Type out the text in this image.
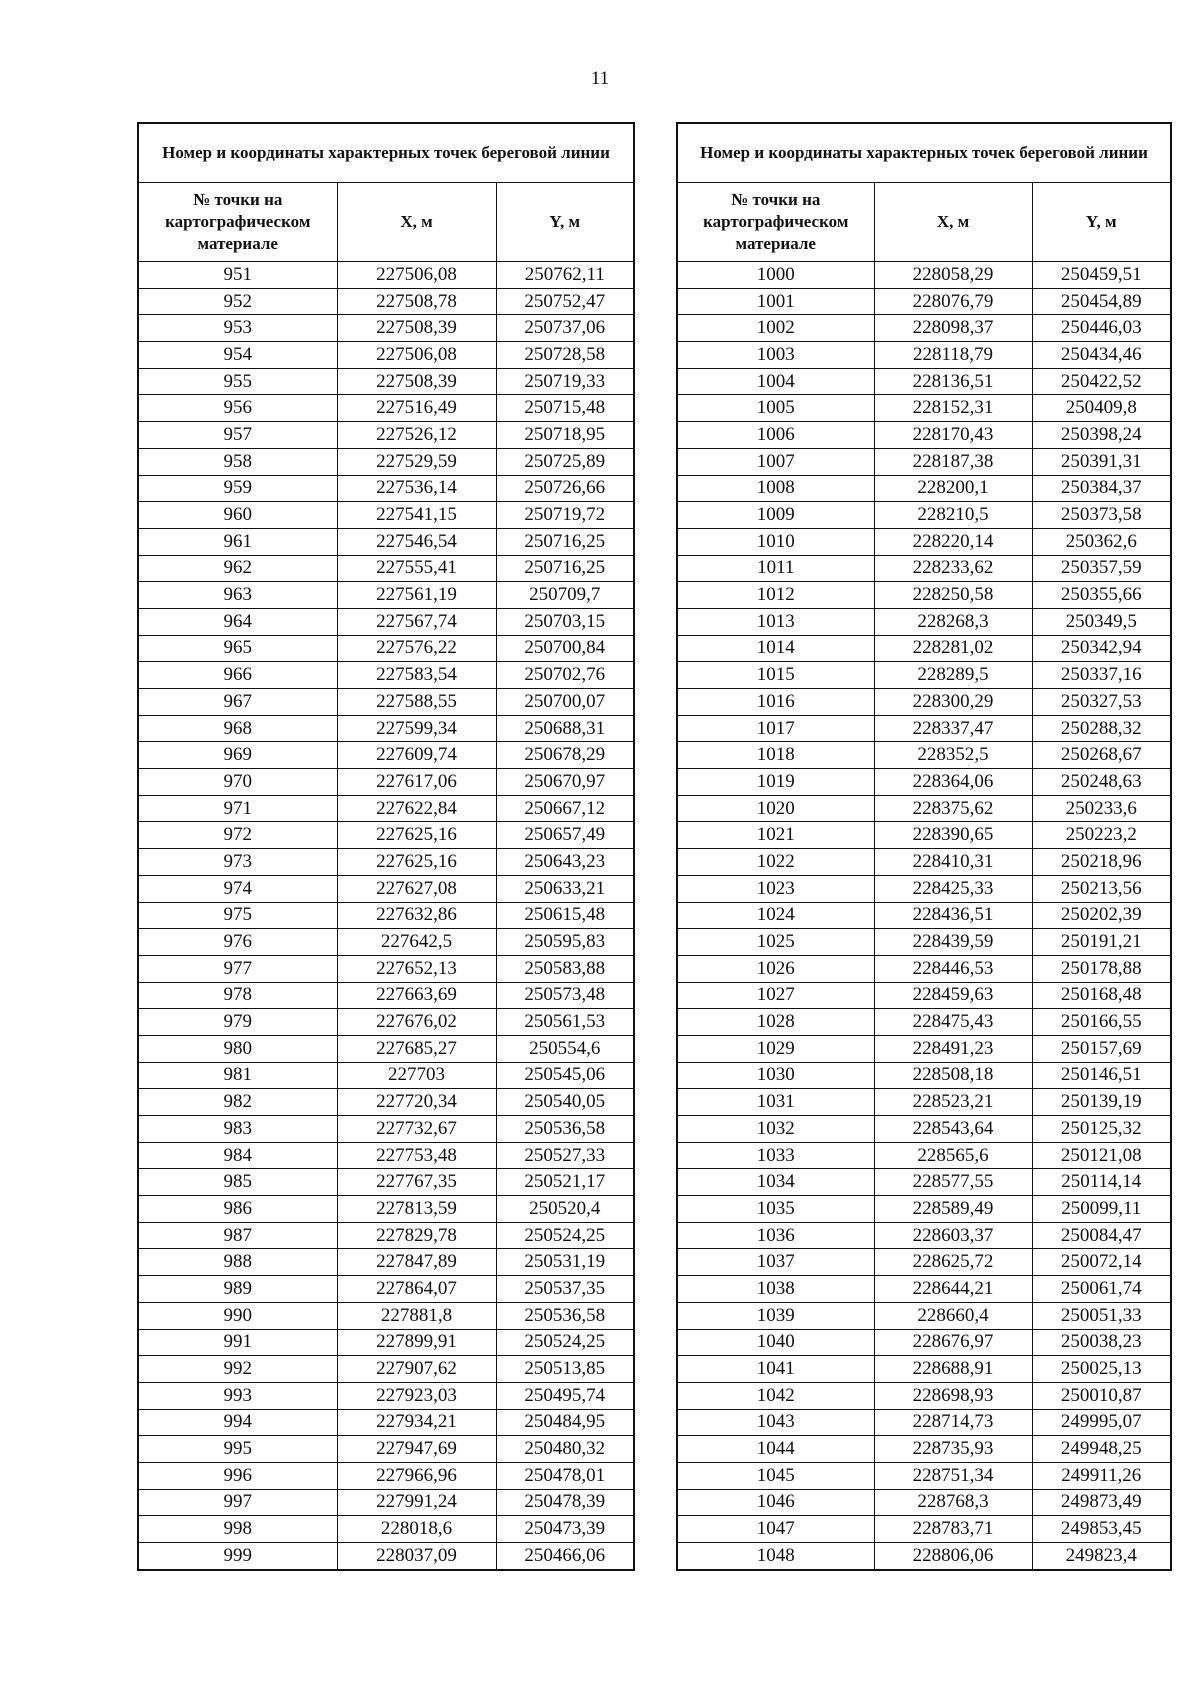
11
Номер и координаты характерных точек береговой линии		
№ точки на картографическом материале	X, м	Y, м
951	227506,08	250762,11
952	227508,78	250752,47
953	227508,39	250737,06
954	227506,08	250728,58
955	227508,39	250719,33
956	227516,49	250715,48
957	227526,12	250718,95
958	227529,59	250725,89
959	227536,14	250726,66
960	227541,15	250719,72
961	227546,54	250716,25
962	227555,41	250716,25
963	227561,19	250709,7
964	227567,74	250703,15
965	227576,22	250700,84
966	227583,54	250702,76
967	227588,55	250700,07
968	227599,34	250688,31
969	227609,74	250678,29
970	227617,06	250670,97
971	227622,84	250667,12
972	227625,16	250657,49
973	227625,16	250643,23
974	227627,08	250633,21
975	227632,86	250615,48
976	227642,5	250595,83
977	227652,13	250583,88
978	227663,69	250573,48
979	227676,02	250561,53
980	227685,27	250554,6
981	227703	250545,06
982	227720,34	250540,05
983	227732,67	250536,58
984	227753,48	250527,33
985	227767,35	250521,17
986	227813,59	250520,4
987	227829,78	250524,25
988	227847,89	250531,19
989	227864,07	250537,35
990	227881,8	250536,58
991	227899,91	250524,25
992	227907,62	250513,85
993	227923,03	250495,74
994	227934,21	250484,95
995	227947,69	250480,32
996	227966,96	250478,01
997	227991,24	250478,39
998	228018,6	250473,39
999	228037,09	250466,06
Номер и координаты характерных точек береговой линии		
№ точки на картографическом материале	X, м	Y, м
1000	228058,29	250459,51
1001	228076,79	250454,89
1002	228098,37	250446,03
1003	228118,79	250434,46
1004	228136,51	250422,52
1005	228152,31	250409,8
1006	228170,43	250398,24
1007	228187,38	250391,31
1008	228200,1	250384,37
1009	228210,5	250373,58
1010	228220,14	250362,6
1011	228233,62	250357,59
1012	228250,58	250355,66
1013	228268,3	250349,5
1014	228281,02	250342,94
1015	228289,5	250337,16
1016	228300,29	250327,53
1017	228337,47	250288,32
1018	228352,5	250268,67
1019	228364,06	250248,63
1020	228375,62	250233,6
1021	228390,65	250223,2
1022	228410,31	250218,96
1023	228425,33	250213,56
1024	228436,51	250202,39
1025	228439,59	250191,21
1026	228446,53	250178,88
1027	228459,63	250168,48
1028	228475,43	250166,55
1029	228491,23	250157,69
1030	228508,18	250146,51
1031	228523,21	250139,19
1032	228543,64	250125,32
1033	228565,6	250121,08
1034	228577,55	250114,14
1035	228589,49	250099,11
1036	228603,37	250084,47
1037	228625,72	250072,14
1038	228644,21	250061,74
1039	228660,4	250051,33
1040	228676,97	250038,23
1041	228688,91	250025,13
1042	228698,93	250010,87
1043	228714,73	249995,07
1044	228735,93	249948,25
1045	228751,34	249911,26
1046	228768,3	249873,49
1047	228783,71	249853,45
1048	228806,06	249823,4
